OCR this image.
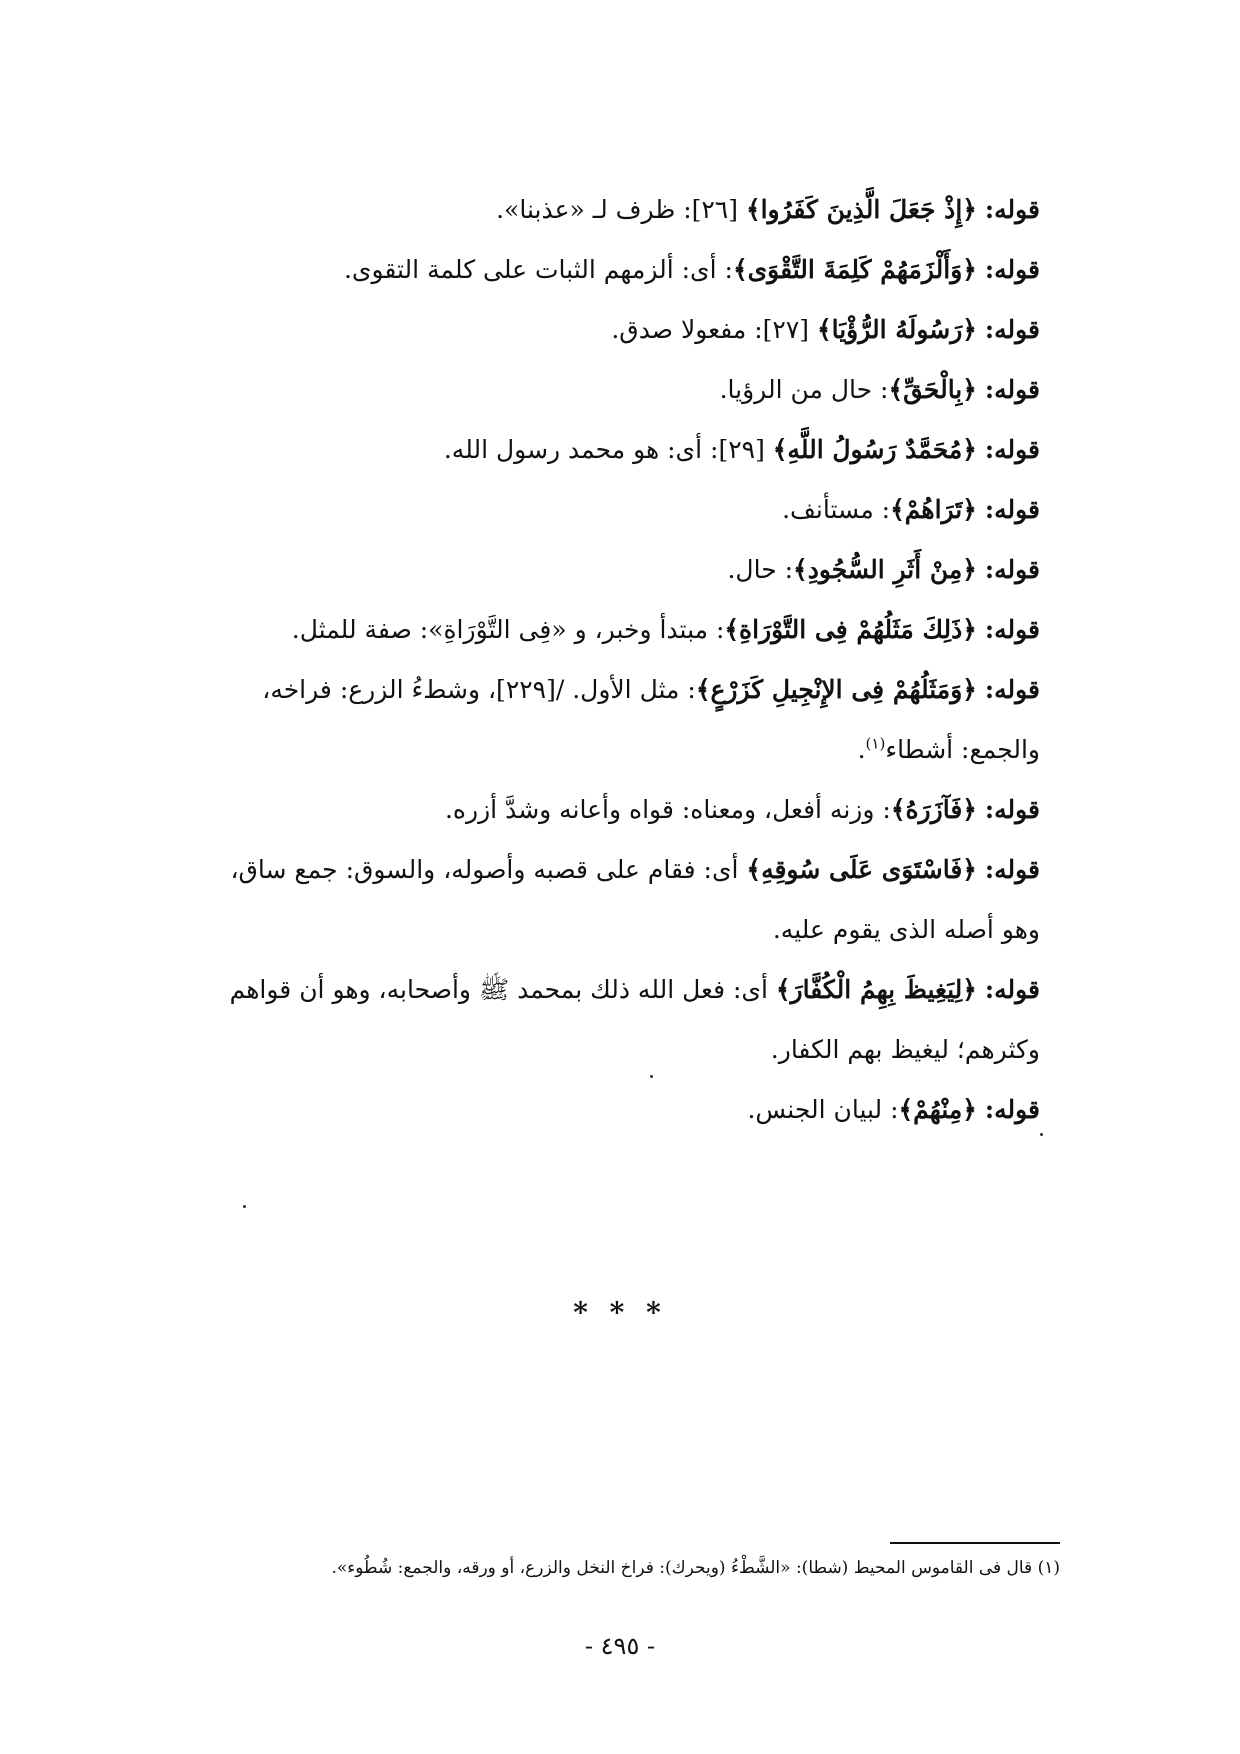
قوله: ﴿إِذْ جَعَلَ الَّذِينَ كَفَرُوا﴾ [٢٦]: ظرف لـ «عذبنا».

قوله: ﴿وَأَلْزَمَهُمْ كَلِمَةَ التَّقْوَى﴾: أى: ألزمهم الثبات على كلمة التقوى.

قوله: ﴿رَسُولَهُ الرُّؤْيَا﴾ [٢٧]: مفعولا صدق.

قوله: ﴿بِالْحَقِّ﴾: حال من الرؤيا.

قوله: ﴿مُحَمَّدٌ رَسُولُ اللَّهِ﴾ [٢٩]: أى: هو محمد رسول الله.

قوله: ﴿تَرَاهُمْ﴾: مستأنف.

قوله: ﴿مِنْ أَثَرِ السُّجُودِ﴾: حال.

قوله: ﴿ذَلِكَ مَثَلُهُمْ فِى التَّوْرَاةِ﴾: مبتدأ وخبر، و «فِى التَّوْرَاةِ»: صفة للمثل.

قوله: ﴿وَمَثَلُهُمْ فِى الإِنْجِيلِ كَزَرْعٍ﴾: مثل الأول. /[٢٢٩]، وشطءُ الزرع: فراخه،

والجمع: أشطاء$^{(١)}$.

قوله: ﴿فَآزَرَهُ﴾: وزنه أفعل، ومعناه: قواه وأعانه وشدَّ أزره.

قوله: ﴿فَاسْتَوَى عَلَى سُوقِهِ﴾ أى: فقام على قصبه وأصوله، والسوق: جمع ساق،

وهو أصله الذى يقوم عليه.

قوله: ﴿لِيَغِيظَ بِهِمُ الْكُفَّارَ﴾ أى: فعل الله ذلك بمحمد ﷺ وأصحابه، وهو أن قواهم

وكثرهم؛ ليغيظ بهم الكفار.

قوله: ﴿مِنْهُمْ﴾: لبيان الجنس.

* * *
(١) قال فى القاموس المحيط (شطا): «الشَّطْءُ (ويحرك): فراخ النخل والزرع، أو ورقه، والجمع: شُطُوء».
- ٤٩٥ -
